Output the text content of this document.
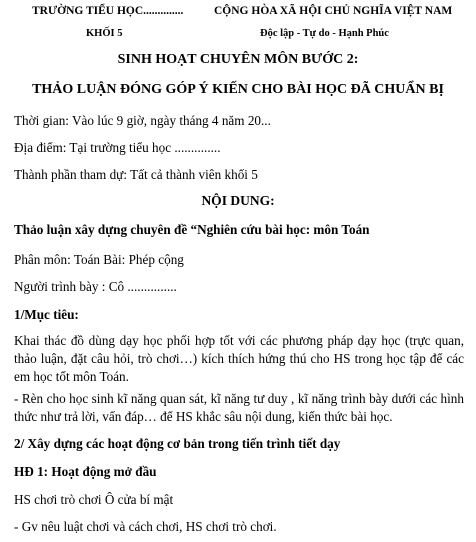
TRƯỜNG TIỂU HỌC..............	CỘNG HÒA XÃ HỘI CHỦ NGHĨA VIỆT NAM
KHỐI 5	Độc lập - Tự do - Hạnh Phúc
SINH HOẠT CHUYÊN MÔN BƯỚC 2:
THẢO LUẬN ĐÓNG GÓP Ý KIẾN CHO BÀI HỌC ĐÃ CHUẨN BỊ
Thời gian: Vào lúc 9 giờ, ngày tháng 4 năm 20...
Địa điểm: Tại trường tiểu học ..............
Thành phần tham dự: Tất cả thành viên khối 5
NỘI DUNG:
Thảo luận xây dựng chuyên đề “Nghiên cứu bài học: môn Toán
Phân môn: Toán Bài: Phép cộng
Người trình bày : Cô ...............
1/Mục tiêu:
Khai thác đồ dùng dạy học phối hợp tốt với các phương pháp dạy học (trực quan, thảo luận, đặt câu hỏi, trò chơi…) kích thích hứng thú cho HS trong học tập để các em học tốt môn Toán.
- Rèn cho học sinh kĩ năng quan sát, kĩ năng tư duy , kĩ năng trình bày dưới các hình thức như trả lời, vấn đáp… để HS khắc sâu nội dung, kiến thức bài học.
2/ Xây dựng các hoạt động cơ bản trong tiến trình tiết dạy
HĐ 1: Hoạt động mở đầu
HS chơi trò chơi Ô cửa bí mật
- Gv nêu luật chơi và cách chơi, HS chơi trò chơi.
